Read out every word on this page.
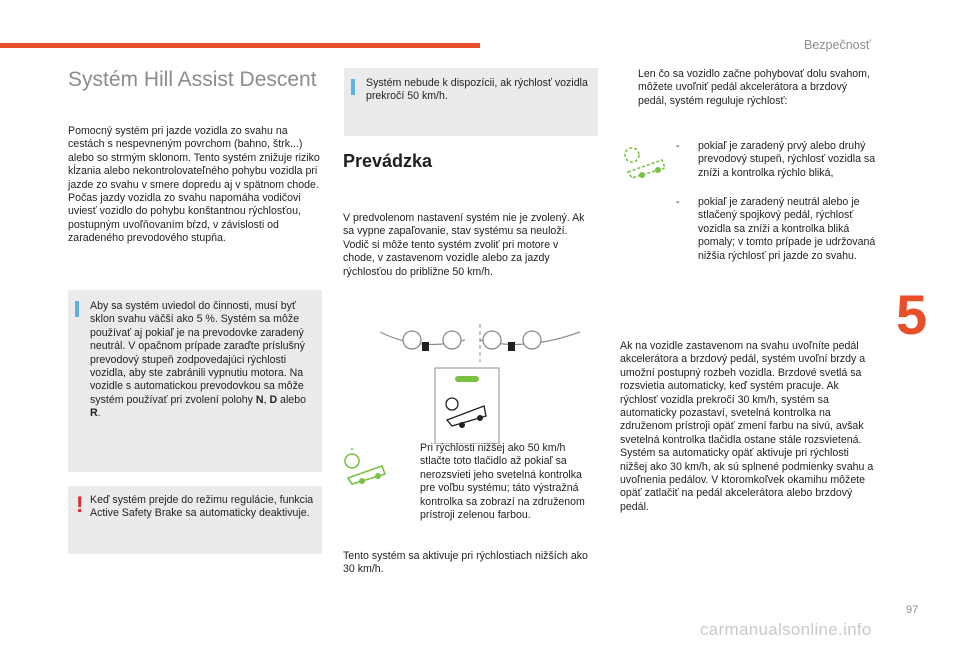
Bezpečnosť
Systém Hill Assist Descent

Pomocný systém pri jazde vozidla zo svahu na cestách s nespevneným povrchom (bahno, štrk...) alebo so strmým sklonom. Tento systém znižuje riziko kĺzania alebo nekontrolovateľného pohybu vozidla pri jazde zo svahu v smere dopredu aj v spätnom chode. Počas jazdy vozidla zo svahu napomáha vodičovi uviesť vozidlo do pohybu konštantnou rýchlosťou, postupným uvoľňovaním bŕzd, v závislosti od zaradeného prevodového stupňa.

Aby sa systém uviedol do činnosti, musí byť sklon svahu väčší ako 5 %. Systém sa môže používať aj pokiaľ je na prevodovke zaradený neutrál. V opačnom prípade zaraďte príslušný prevodový stupeň zodpovedajúci rýchlosti vozidla, aby ste zabránili vypnutiu motora. Na vozidle s automatickou prevodovkou sa môže systém používať pri zvolení polohy N, D alebo R.

! Keď systém prejde do režimu regulácie, funkcia Active Safety Brake sa automaticky deaktivuje.

Systém nebude k dispozícii, ak rýchlosť vozidla prekročí 50 km/h.

Prevádzka

V predvolenom nastavení systém nie je zvolený. Ak sa vypne zapaľovanie, stav systému sa neuloží. Vodič si môže tento systém zvoliť pri motore v chode, v zastavenom vozidle alebo za jazdy rýchlosťou do približne 50 km/h.

Pri rýchlosti nižšej ako 50 km/h stlačte toto tlačidlo až pokiaľ sa nerozsvieti jeho svetelná kontrolka pre voľbu systému; táto výstražná kontrolka sa zobrazí na združenom prístroji zelenou farbou.

Tento systém sa aktivuje pri rýchlostiach nižších ako 30 km/h.

Len čo sa vozidlo začne pohybovať dolu svahom, môžete uvoľniť pedál akcelerátora a brzdový pedál, systém reguluje rýchlosť:

- pokiaľ je zaradený prvý alebo druhý prevodový stupeň, rýchlosť vozidla sa zníži a kontrolka rýchlo bliká,
- pokiaľ je zaradený neutrál alebo je stlačený spojkový pedál, rýchlosť vozidla sa zníži a kontrolka bliká pomaly; v tomto prípade je udržovaná nižšia rýchlosť pri jazde zo svahu.

Ak na vozidle zastavenom na svahu uvoľníte pedál akcelerátora a brzdový pedál, systém uvoľní brzdy a umožní postupný rozbeh vozidla. Brzdové svetlá sa rozsvietia automaticky, keď systém pracuje. Ak rýchlosť vozidla prekročí 30 km/h, systém sa automaticky pozastaví, svetelná kontrolka na združenom prístroji opäť zmení farbu na sivú, avšak svetelná kontrolka tlačidla ostane stále rozsvietená. Systém sa automaticky opäť aktivuje pri rýchlosti nižšej ako 30 km/h, ak sú splnené podmienky svahu a uvoľnenia pedálov. V ktoromkoľvek okamihu môžete opäť zatlačiť na pedál akcelerátora alebo brzdový pedál.

5
97
carmanualsonline.info
